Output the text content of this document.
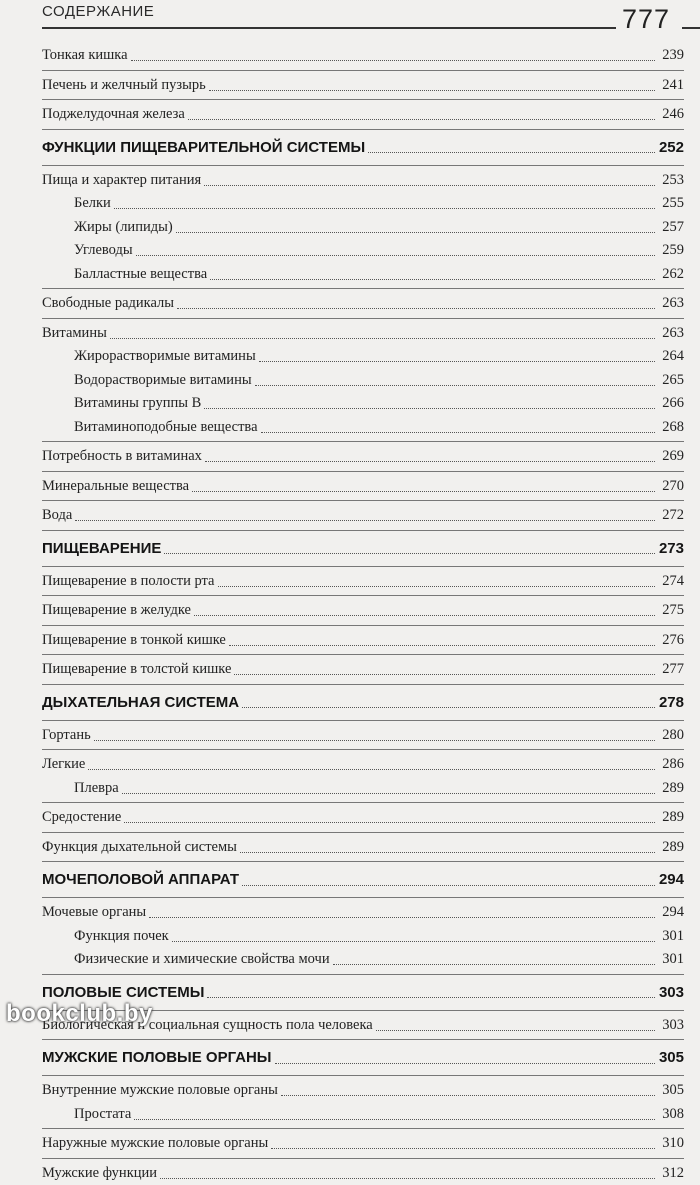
СОДЕРЖАНИЕ	777
Тонкая кишка	239
Печень и желчный пузырь	241
Поджелудочная железа	246
ФУНКЦИИ ПИЩЕВАРИТЕЛЬНОЙ СИСТЕМЫ	252
Пища и характер питания	253
Белки	255
Жиры (липиды)	257
Углеводы	259
Балластные вещества	262
Свободные радикалы	263
Витамины	263
Жирорастворимые витамины	264
Водорастворимые витамины	265
Витамины группы В	266
Витаминоподобные вещества	268
Потребность в витаминах	269
Минеральные вещества	270
Вода	272
ПИЩЕВАРЕНИЕ	273
Пищеварение в полости рта	274
Пищеварение в желудке	275
Пищеварение в тонкой кишке	276
Пищеварение в толстой кишке	277
ДЫХАТЕЛЬНАЯ СИСТЕМА	278
Гортань	280
Легкие	286
Плевра	289
Средостение	289
Функция дыхательной системы	289
МОЧЕПОЛОВОЙ АППАРАТ	294
Мочевые органы	294
Функция почек	301
Физические и химические свойства мочи	301
ПОЛОВЫЕ СИСТЕМЫ	303
Биологическая и социальная сущность пола человека	303
МУЖСКИЕ ПОЛОВЫЕ ОРГАНЫ	305
Внутренние мужские половые органы	305
Простата	308
Наружные мужские половые органы	310
Мужские функции	312
bookclub.by
